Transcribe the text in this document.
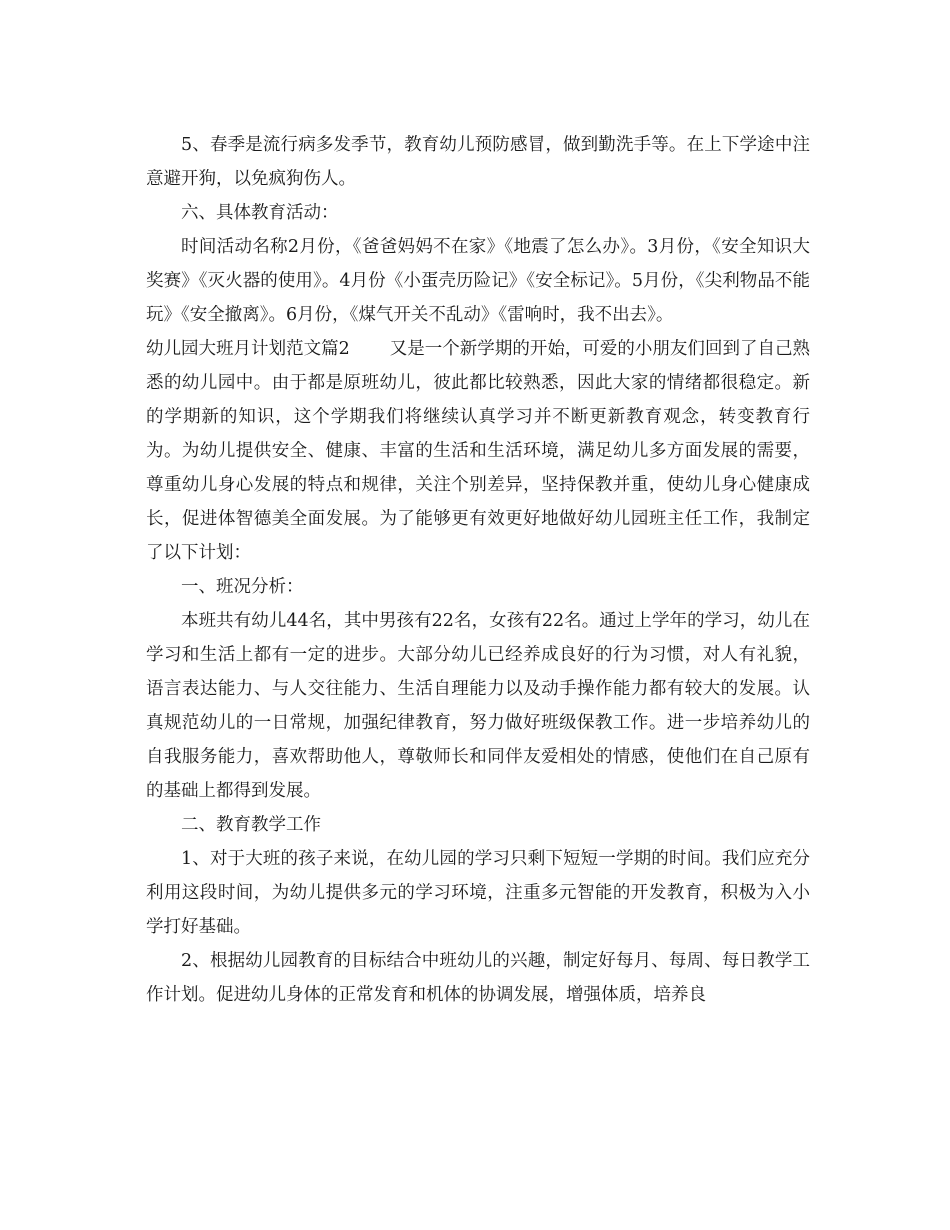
5、春季是流行病多发季节，教育幼儿预防感冒，做到勤洗手等。在上下学途中注意避开狗，以免疯狗伤人。

六、具体教育活动：

时间活动名称2月份，《爸爸妈妈不在家》《地震了怎么办》。3月份，《安全知识大奖赛》《灭火器的使用》。4月份《小蛋壳历险记》《安全标记》。5月份，《尖利物品不能玩》《安全撤离》。6月份，《煤气开关不乱动》《雷响时，我不出去》。

幼儿园大班月计划范文篇2 又是一个新学期的开始，可爱的小朋友们回到了自己熟悉的幼儿园中。由于都是原班幼儿，彼此都比较熟悉，因此大家的情绪都很稳定。新的学期新的知识，这个学期我们将继续认真学习并不断更新教育观念，转变教育行为。为幼儿提供安全、健康、丰富的生活和生活环境，满足幼儿多方面发展的需要，尊重幼儿身心发展的特点和规律，关注个别差异，坚持保教并重，使幼儿身心健康成长，促进体智德美全面发展。为了能够更有效更好地做好幼儿园班主任工作，我制定了以下计划：

一、班况分析：

本班共有幼儿44名，其中男孩有22名，女孩有22名。通过上学年的学习，幼儿在学习和生活上都有一定的进步。大部分幼儿已经养成良好的行为习惯，对人有礼貌，语言表达能力、与人交往能力、生活自理能力以及动手操作能力都有较大的发展。认真规范幼儿的一日常规，加强纪律教育，努力做好班级保教工作。进一步培养幼儿的自我服务能力，喜欢帮助他人，尊敬师长和同伴友爱相处的情感，使他们在自己原有的基础上都得到发展。

二、教育教学工作

1、对于大班的孩子来说，在幼儿园的学习只剩下短短一学期的时间。我们应充分利用这段时间，为幼儿提供多元的学习环境，注重多元智能的开发教育，积极为入小学打好基础。

2、根据幼儿园教育的目标结合中班幼儿的兴趣，制定好每月、每周、每日教学工作计划。促进幼儿身体的正常发育和机体的协调发展，增强体质，培养良
